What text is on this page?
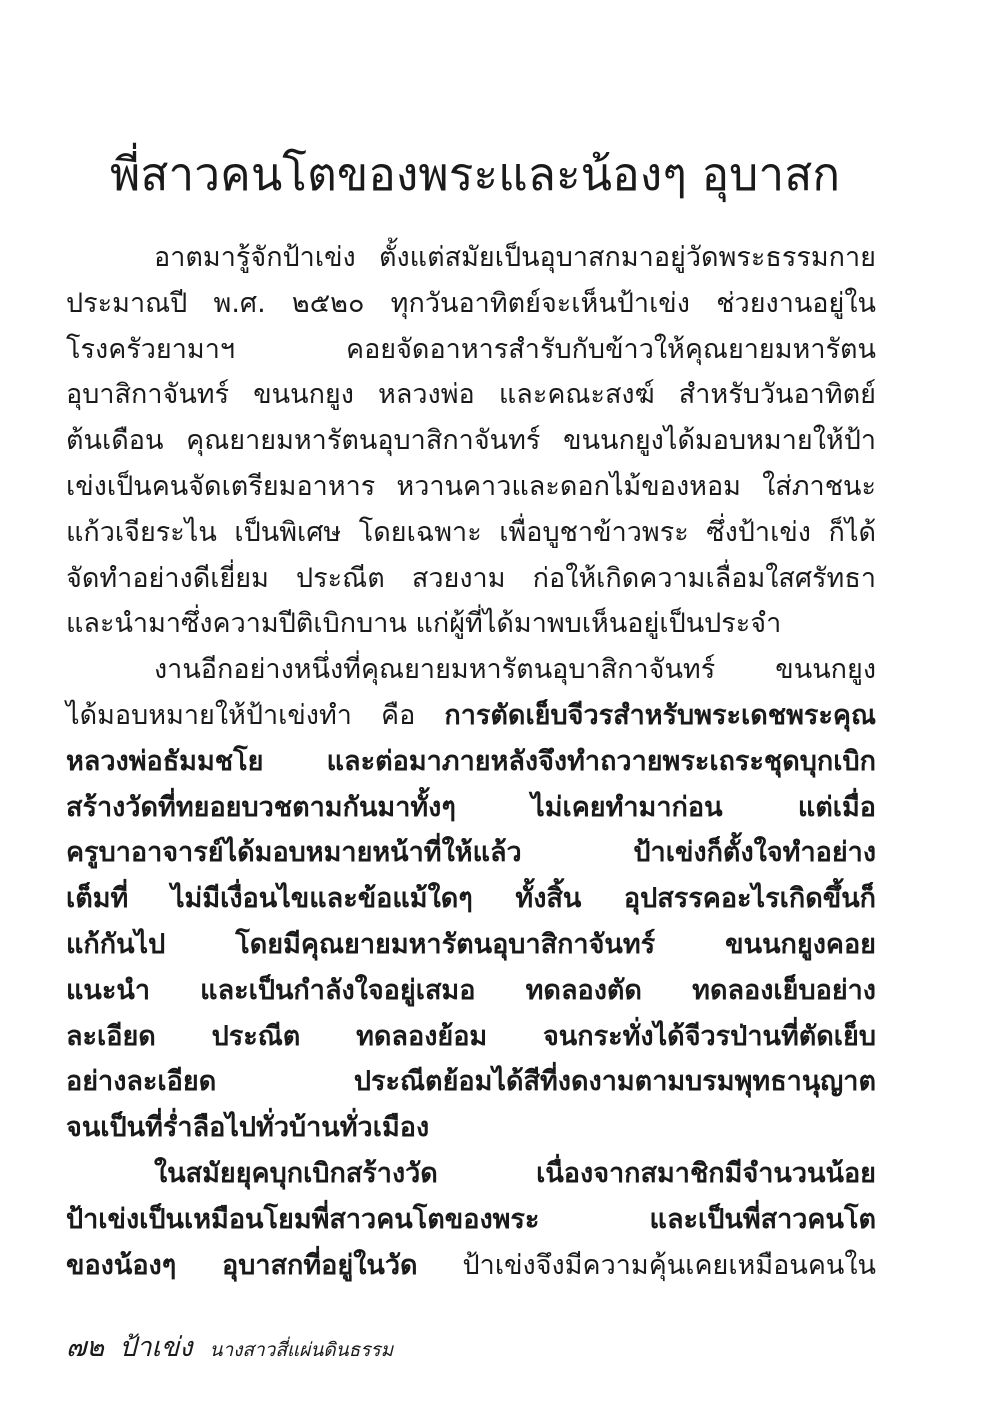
พี่สาวคนโตของพระและน้องๆ อุบาสก
อาตมารู้จักป้าเข่ง ตั้งแต่สมัยเป็นอุบาสกมาอยู่วัดพระธรรมกาย
ประมาณปี พ.ศ. ๒๕๒๐ ทุกวันอาทิตย์จะเห็นป้าเข่ง ช่วยงานอยู่ใน
โรงครัวยามาฯ คอยจัดอาหารสำรับกับข้าวให้คุณยายมหารัตน
อุบาสิกาจันทร์ ขนนกยูง หลวงพ่อ และคณะสงฆ์ สำหรับวันอาทิตย์
ต้นเดือน คุณยายมหารัตนอุบาสิกาจันทร์ ขนนกยูงได้มอบหมายให้ป้า
เข่งเป็นคนจัดเตรียมอาหาร หวานคาวและดอกไม้ของหอม ใส่ภาชนะ
แก้วเจียระไน เป็นพิเศษ โดยเฉพาะ เพื่อบูชาข้าวพระ ซึ่งป้าเข่ง ก็ได้
จัดทำอย่างดีเยี่ยม ประณีต สวยงาม ก่อให้เกิดความเลื่อมใสศรัทธา
และนำมาซึ่งความปีติเบิกบาน แก่ผู้ที่ได้มาพบเห็นอยู่เป็นประจำ
งานอีกอย่างหนึ่งที่คุณยายมหารัตนอุบาสิกาจันทร์ ขนนกยูง
ได้มอบหมายให้ป้าเข่งทำ คือ การตัดเย็บจีวรสำหรับพระเดชพระคุณ
หลวงพ่อธัมมชโย และต่อมาภายหลังจึงทำถวายพระเถระชุดบุกเบิก
สร้างวัดที่ทยอยบวชตามกันมาทั้งๆ ไม่เคยทำมาก่อน แต่เมื่อ
ครูบาอาจารย์ได้มอบหมายหน้าที่ให้แล้ว ป้าเข่งก็ตั้งใจทำอย่าง
เต็มที่ ไม่มีเงื่อนไขและข้อแม้ใดๆ ทั้งสิ้น อุปสรรคอะไรเกิดขึ้นก็
แก้กันไป โดยมีคุณยายมหารัตนอุบาสิกาจันทร์ ขนนกยูงคอย
แนะนำ และเป็นกำลังใจอยู่เสมอ ทดลองตัด ทดลองเย็บอย่าง
ละเอียด ประณีต ทดลองย้อม จนกระทั่งได้จีวรป่านที่ตัดเย็บ
อย่างละเอียด ประณีตย้อมได้สีที่งดงามตามบรมพุทธานุญาต
จนเป็นที่ร่ำลือไปทั่วบ้านทั่วเมือง
ในสมัยยุคบุกเบิกสร้างวัด เนื่องจากสมาชิกมีจำนวนน้อย
ป้าเข่งเป็นเหมือนโยมพี่สาวคนโตของพระ และเป็นพี่สาวคนโต
ของน้องๆ อุบาสกที่อยู่ในวัด ป้าเข่งจึงมีความคุ้นเคยเหมือนคนใน
๗๒ ป้าเข่ง นางสาวสี่แผ่นดินธรรม
